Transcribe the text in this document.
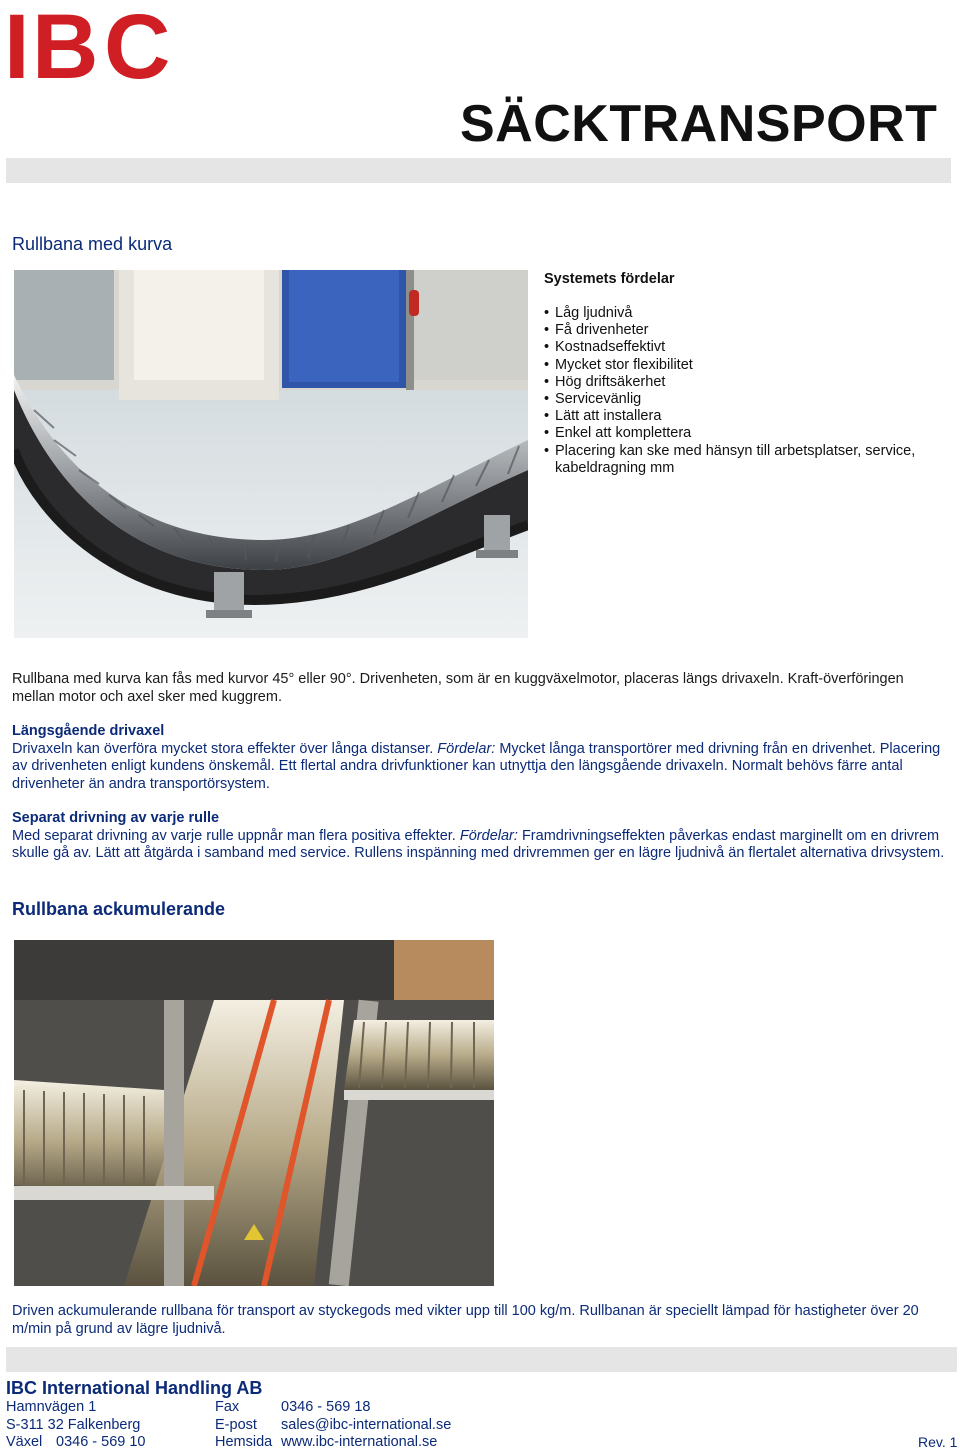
I B C
SÄCKTRANSPORT
Rullbana med kurva
Systemets fördelar
• Låg ljudnivå
• Få drivenheter
• Kostnadseffektivt
• Mycket stor flexibilitet
• Hög driftsäkerhet
• Servicevänlig
• Lätt att installera
• Enkel att komplettera
• Placering kan ske med hänsyn till arbetsplatser, service, kabeldragning mm
Rullbana med kurva kan fås med kurvor 45° eller 90°. Drivenheten, som är en kuggväxelmotor, placeras längs drivaxeln. Kraft-överföringen mellan motor och axel sker med kuggrem.
Längsgående drivaxel
Drivaxeln kan överföra mycket stora effekter över långa distanser. Fördelar: Mycket långa transportörer med drivning från en drivenhet. Placering av drivenheten enligt kundens önskemål. Ett flertal andra drivfunktioner kan utnyttja den längsgående drivaxeln. Normalt behövs färre antal drivenheter än andra transportörsystem.
Separat drivning av varje rulle
Med separat drivning av varje rulle uppnår man flera positiva effekter. Fördelar: Framdrivningseffekten påverkas endast marginellt om en drivrem skulle gå av. Lätt att åtgärda i samband med service. Rullens inspänning med drivremmen ger en lägre ljudnivå än flertalet alternativa drivsystem.
Rullbana ackumulerande
Driven ackumulerande rullbana för transport av styckegods med vikter upp till 100 kg/m. Rullbanan är speciellt lämpad för hastigheter över 20 m/min på grund av lägre ljudnivå.
IBC International Handling AB
Hamnvägen 1
S-311 32 Falkenberg
Växel 0346 - 569 10
Fax	0346 - 569 18
E-post sales@ibc-international.se
Hemsida www.ibc-international.se	Rev. 1
